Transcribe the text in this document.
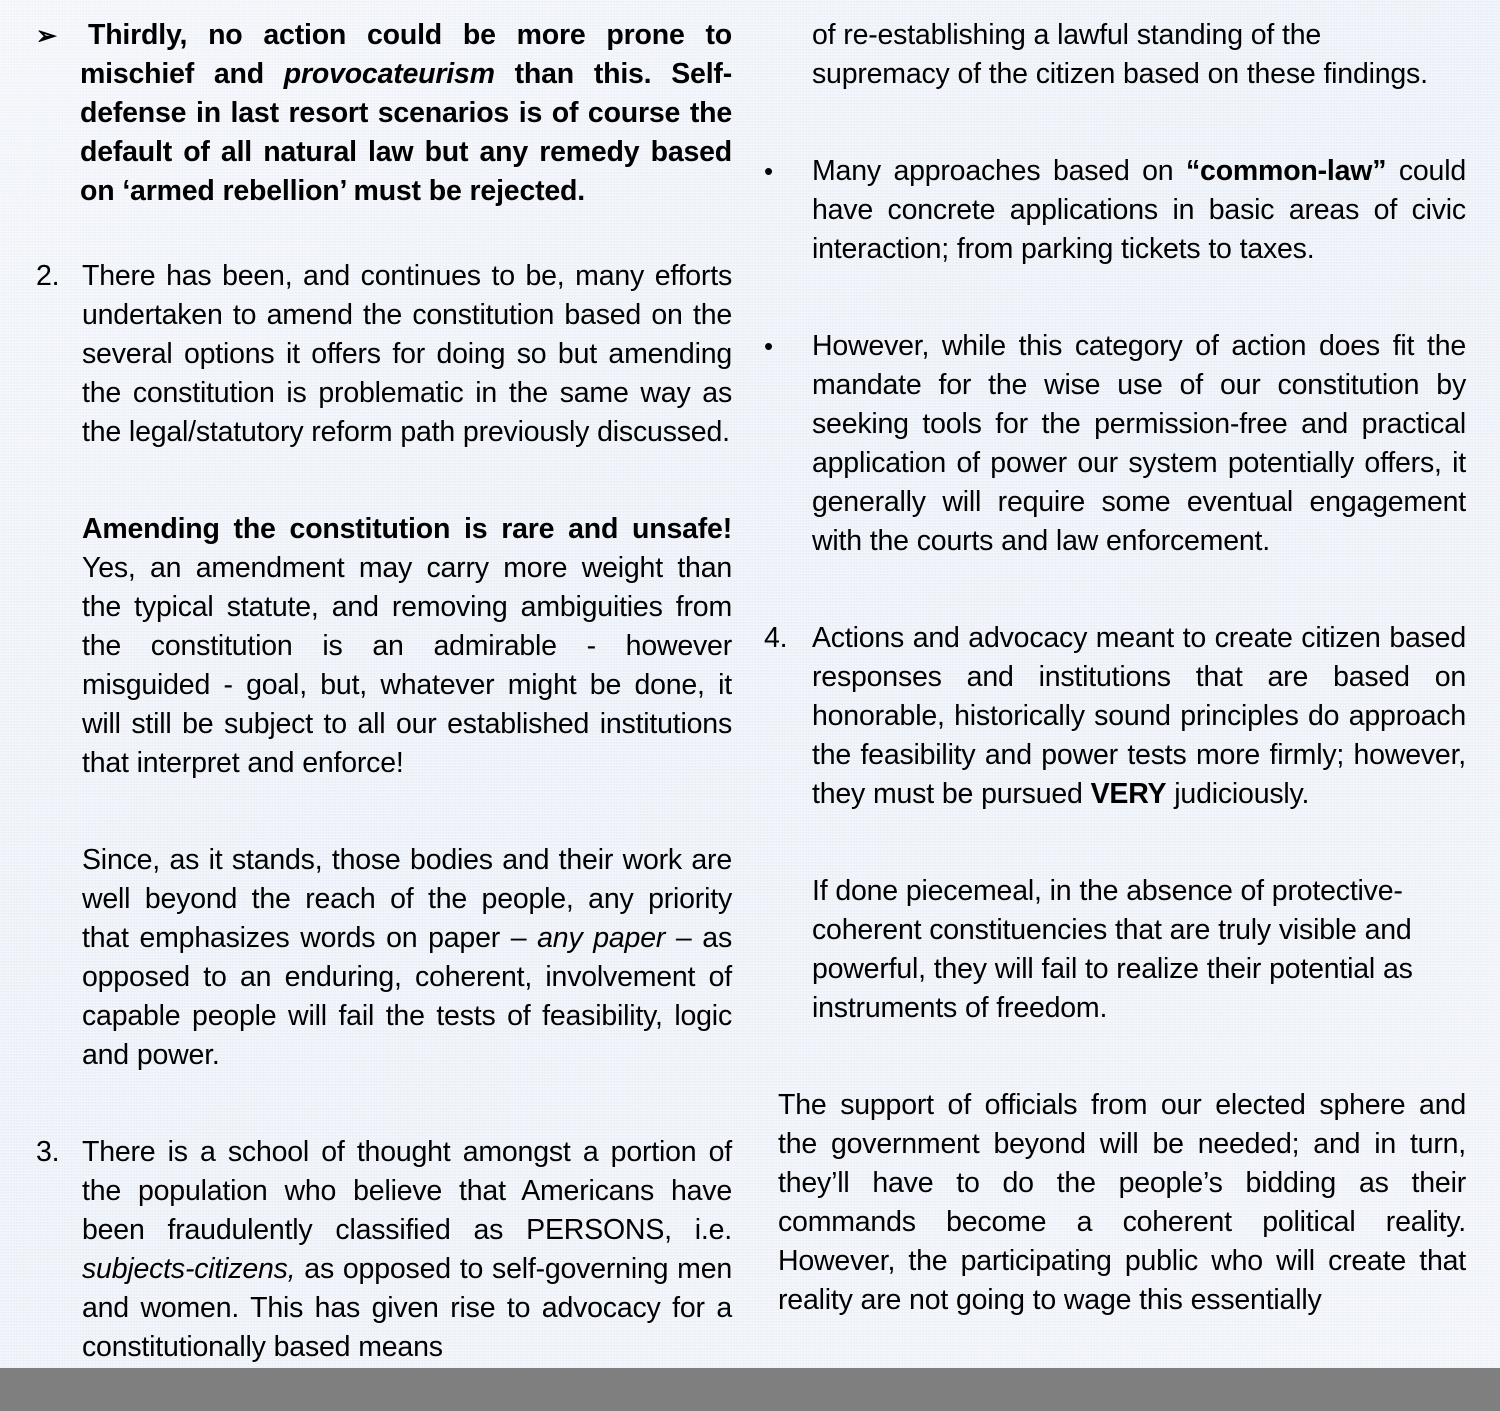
➢	Thirdly, no action could be more prone to mischief and provocateurism than this. Self-defense in last resort scenarios is of course the default of all natural law but any remedy based on ‘armed rebellion’ must be rejected.
2. There has been, and continues to be, many efforts undertaken to amend the constitution based on the several options it offers for doing so but amending the constitution is problematic in the same way as the legal/statutory reform path previously discussed.
Amending the constitution is rare and unsafe! Yes, an amendment may carry more weight than the typical statute, and removing ambiguities from the constitution is an admirable - however misguided - goal, but, whatever might be done, it will still be subject to all our established institutions that interpret and enforce!
Since, as it stands, those bodies and their work are well beyond the reach of the people, any priority that emphasizes words on paper – any paper – as opposed to an enduring, coherent, involvement of capable people will fail the tests of feasibility, logic and power.
3. There is a school of thought amongst a portion of the population who believe that Americans have been fraudulently classified as PERSONS, i.e. subjects-citizens, as opposed to self-governing men and women. This has given rise to advocacy for a constitutionally based means
of re-establishing a lawful standing of the supremacy of the citizen based on these findings.
•	Many approaches based on “common-law” could have concrete applications in basic areas of civic interaction; from parking tickets to taxes.
•	However, while this category of action does fit the mandate for the wise use of our constitution by seeking tools for the permission-free and practical application of power our system potentially offers, it generally will require some eventual engagement with the courts and law enforcement.
4. Actions and advocacy meant to create citizen based responses and institutions that are based on honorable, historically sound principles do approach the feasibility and power tests more firmly; however, they must be pursued VERY judiciously.
If done piecemeal, in the absence of protective-coherent constituencies that are truly visible and powerful, they will fail to realize their potential as instruments of freedom.
The support of officials from our elected sphere and the government beyond will be needed; and in turn, they’ll have to do the people’s bidding as their commands become a coherent political reality. However, the participating public who will create that reality are not going to wage this essentially
